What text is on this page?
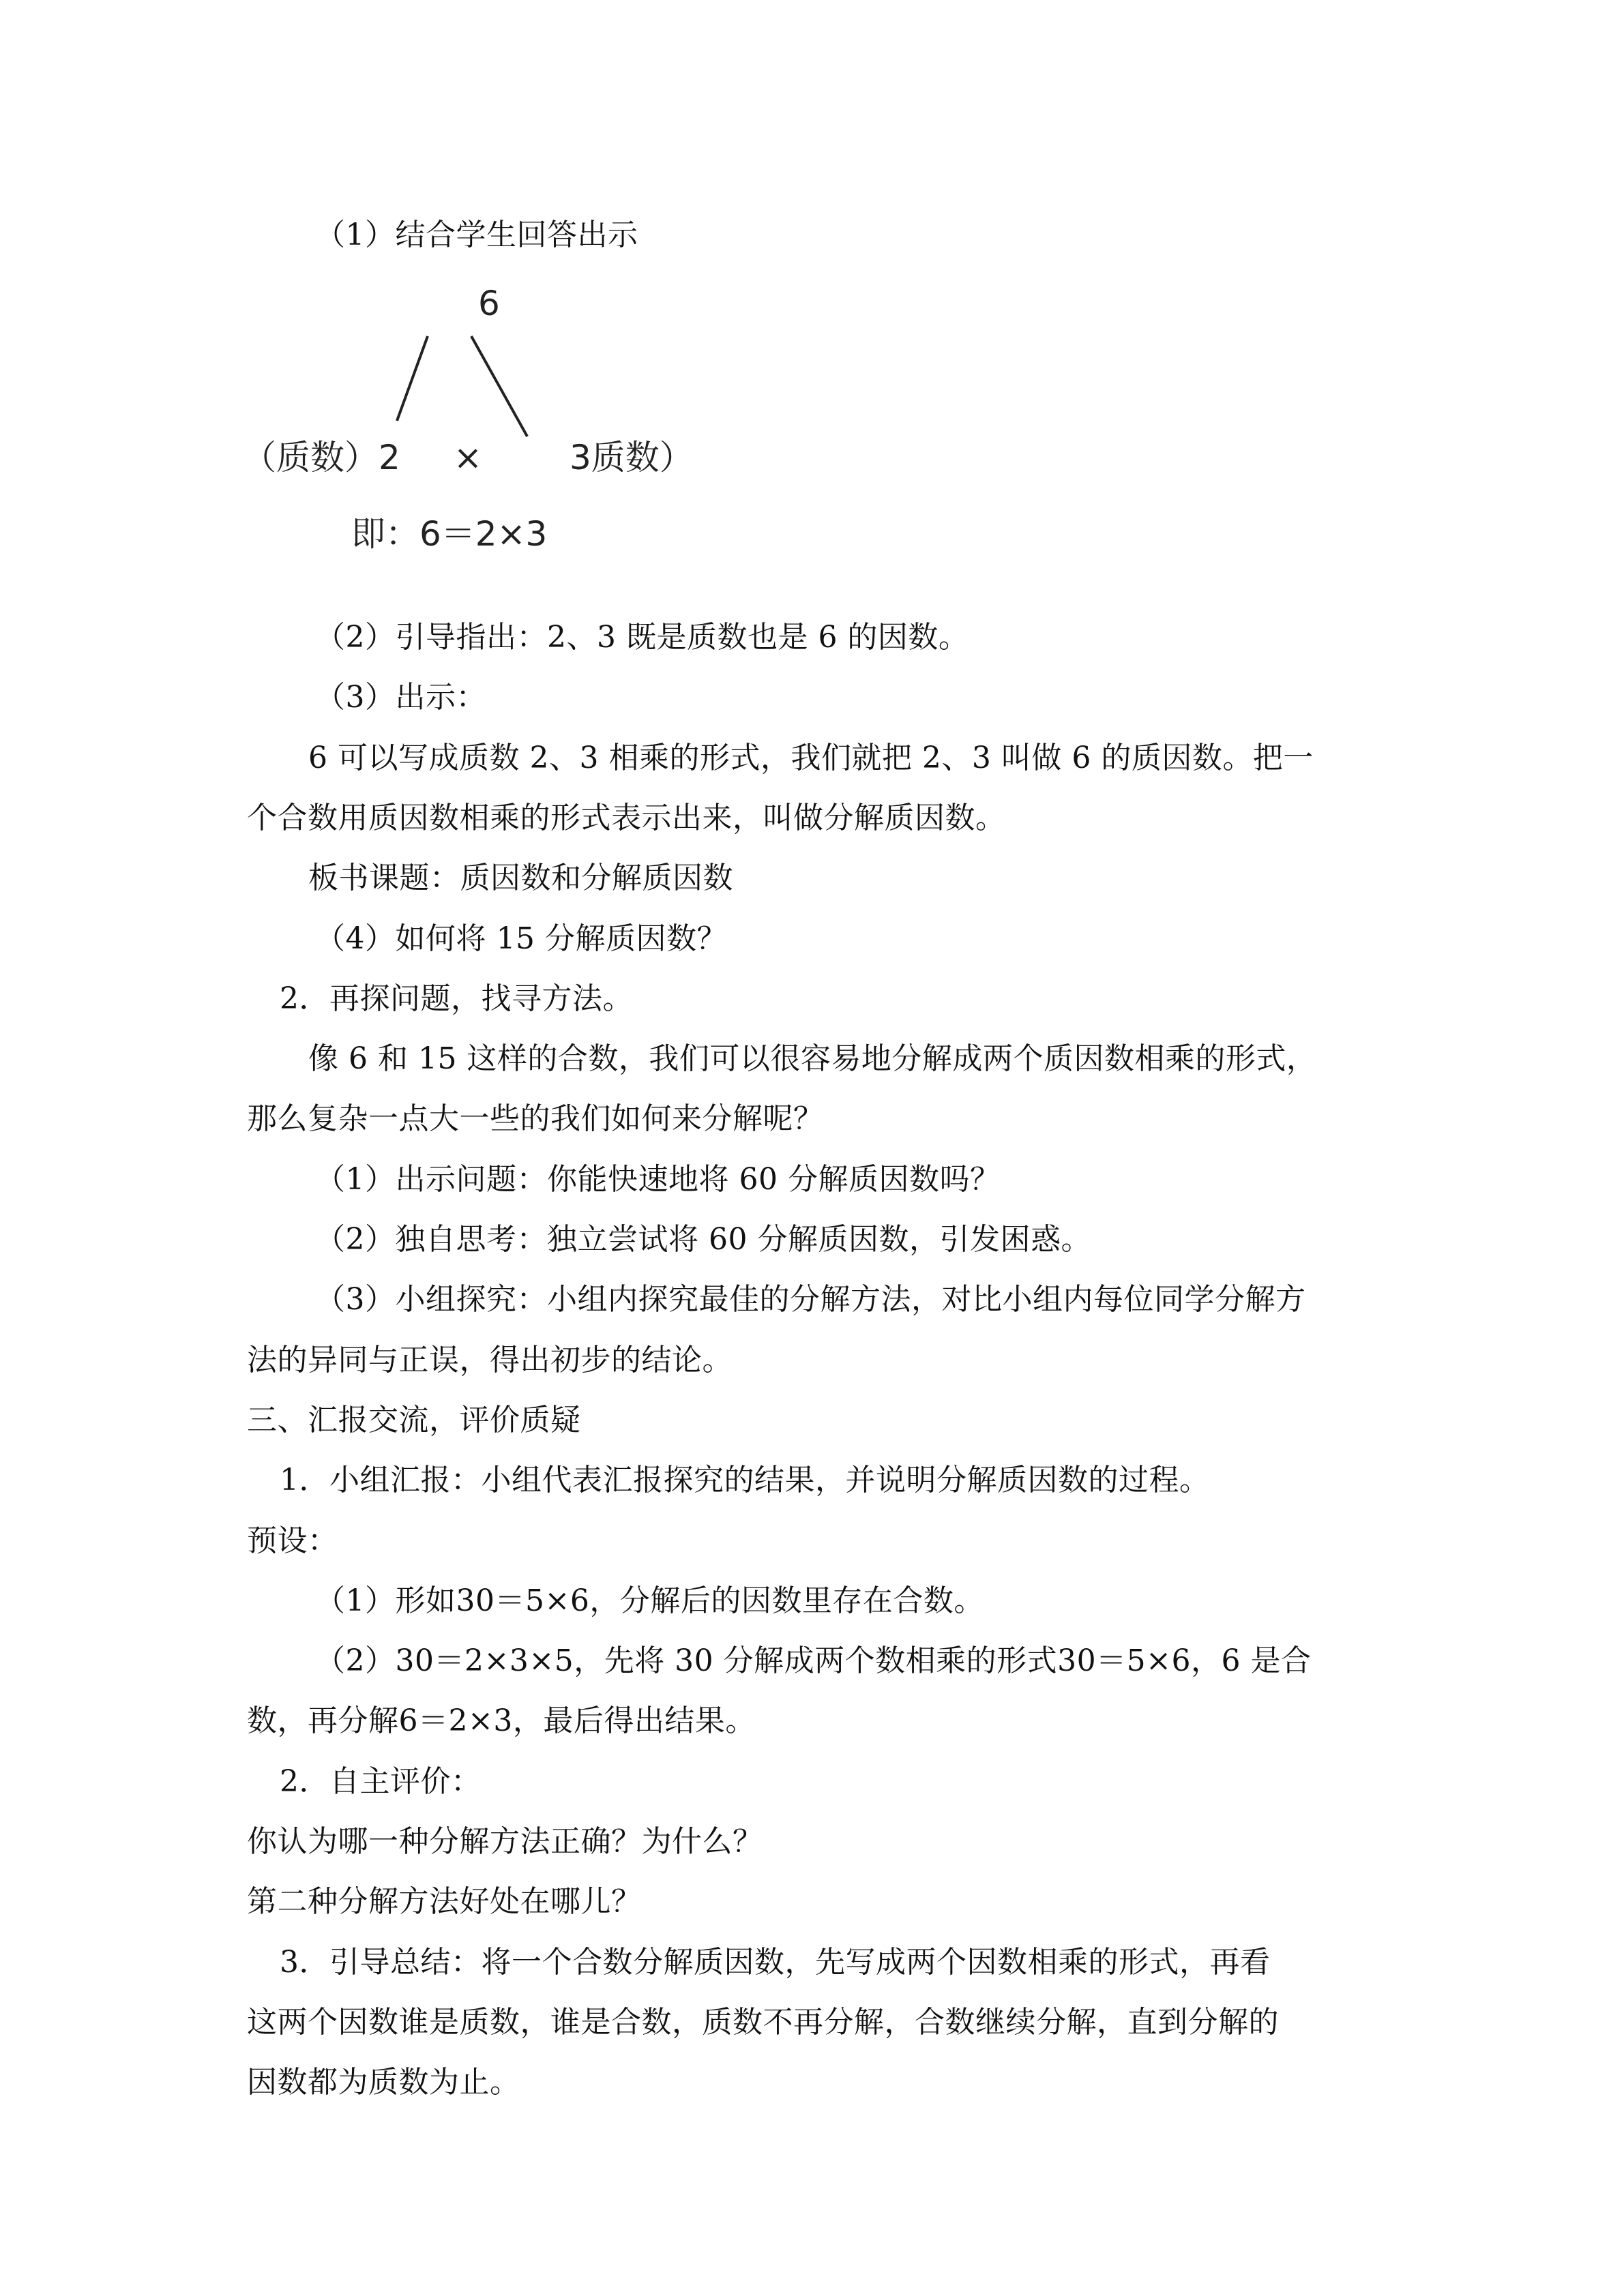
（1）结合学生回答出示
6
（质数）2 ×	3质数）
即：6＝2×3
（2）引导指出：2、3 既是质数也是 6 的因数。
（3）出示：
6 可以写成质数 2、3 相乘的形式，我们就把 2、3 叫做 6 的质因数。把一
个合数用质因数相乘的形式表示出来，叫做分解质因数。
板书课题：质因数和分解质因数
（4）如何将 15 分解质因数？
2．再探问题，找寻方法。
像 6 和 15 这样的合数，我们可以很容易地分解成两个质因数相乘的形式，
那么复杂一点大一些的我们如何来分解呢？
（1）出示问题：你能快速地将 60 分解质因数吗？
（2）独自思考：独立尝试将 60 分解质因数，引发困惑。
（3）小组探究：小组内探究最佳的分解方法，对比小组内每位同学分解方
法的异同与正误，得出初步的结论。
三、汇报交流，评价质疑
1．小组汇报：小组代表汇报探究的结果，并说明分解质因数的过程。
预设：
（1）形如30＝5×6，分解后的因数里存在合数。
（2）30＝2×3×5，先将 30 分解成两个数相乘的形式30＝5×6，6 是合
数，再分解6＝2×3，最后得出结果。
2．自主评价：
你认为哪一种分解方法正确？为什么？
第二种分解方法好处在哪儿？
3．引导总结：将一个合数分解质因数，先写成两个因数相乘的形式，再看
这两个因数谁是质数，谁是合数，质数不再分解，合数继续分解，直到分解的
因数都为质数为止。
